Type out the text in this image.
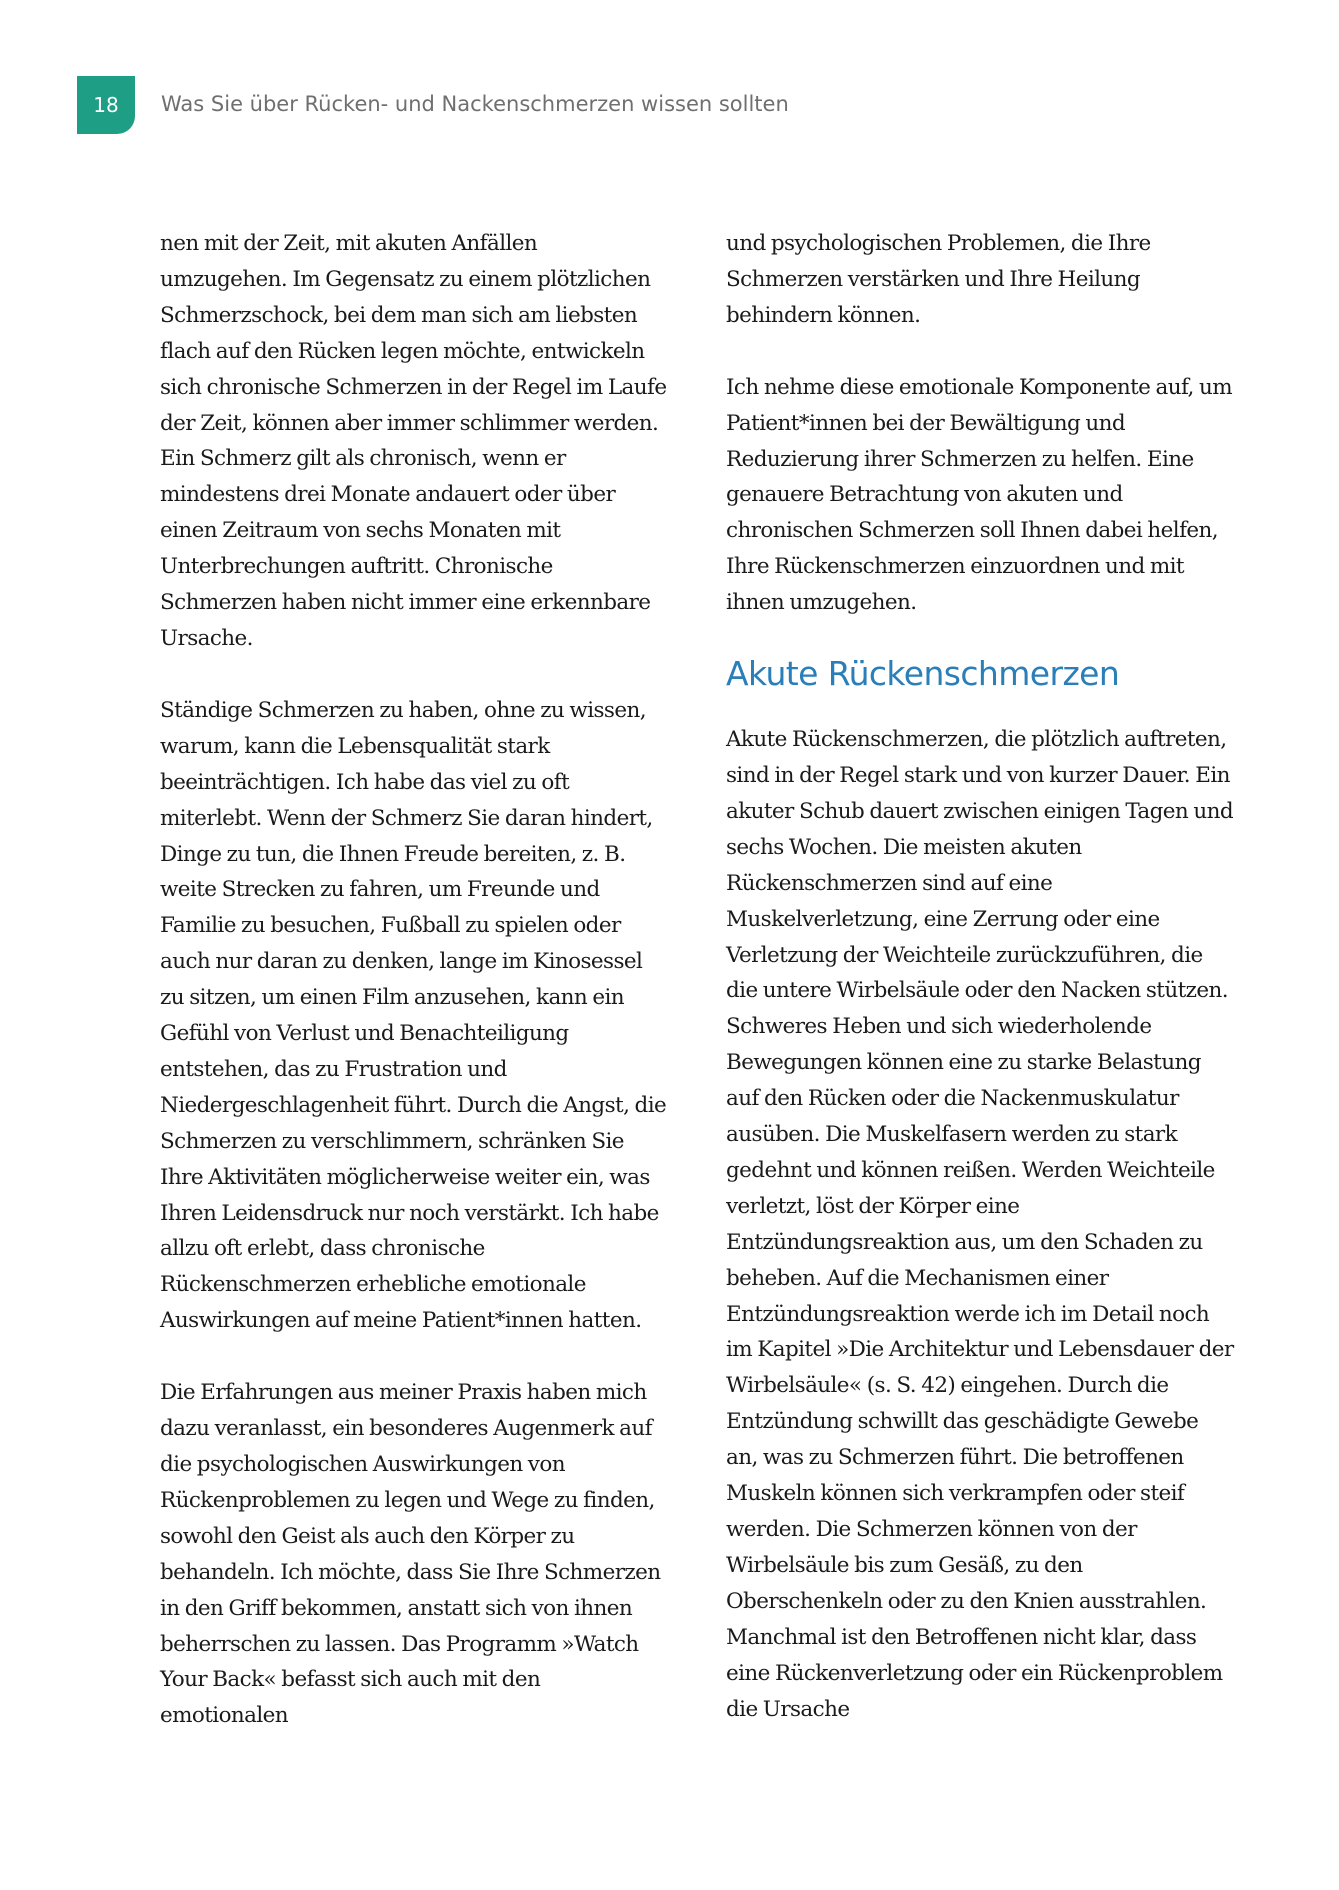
18	Was Sie über Rücken- und Nackenschmerzen wissen sollten

nen mit der Zeit, mit akuten Anfällen umzugehen. Im Gegensatz zu einem plötzlichen Schmerzschock, bei dem man sich am liebsten flach auf den Rücken legen möchte, entwickeln sich chronische Schmerzen in der Regel im Laufe der Zeit, können aber immer schlimmer werden. Ein Schmerz gilt als chronisch, wenn er mindestens drei Monate andauert oder über einen Zeitraum von sechs Monaten mit Unterbrechungen auftritt. Chronische Schmerzen haben nicht immer eine erkennbare Ursache.

Ständige Schmerzen zu haben, ohne zu wissen, warum, kann die Lebensqualität stark beeinträchtigen. Ich habe das viel zu oft miterlebt. Wenn der Schmerz Sie daran hindert, Dinge zu tun, die Ihnen Freude bereiten, z. B. weite Strecken zu fahren, um Freunde und Familie zu besuchen, Fußball zu spielen oder auch nur daran zu denken, lange im Kinosessel zu sitzen, um einen Film anzusehen, kann ein Gefühl von Verlust und Benachteiligung entstehen, das zu Frustration und Niedergeschlagenheit führt. Durch die Angst, die Schmerzen zu verschlimmern, schränken Sie Ihre Aktivitäten möglicherweise weiter ein, was Ihren Leidensdruck nur noch verstärkt. Ich habe allzu oft erlebt, dass chronische Rückenschmerzen erhebliche emotionale Auswirkungen auf meine Patient*innen hatten.

Die Erfahrungen aus meiner Praxis haben mich dazu veranlasst, ein besonderes Augenmerk auf die psychologischen Auswirkungen von Rückenproblemen zu legen und Wege zu finden, sowohl den Geist als auch den Körper zu behandeln. Ich möchte, dass Sie Ihre Schmerzen in den Griff bekommen, anstatt sich von ihnen beherrschen zu lassen. Das Programm »Watch Your Back« befasst sich auch mit den emotionalen

und psychologischen Problemen, die Ihre Schmerzen verstärken und Ihre Heilung behindern können.

Ich nehme diese emotionale Komponente auf, um Patient*innen bei der Bewältigung und Reduzierung ihrer Schmerzen zu helfen. Eine genauere Betrachtung von akuten und chronischen Schmerzen soll Ihnen dabei helfen, Ihre Rückenschmerzen einzuordnen und mit ihnen umzugehen.

Akute Rückenschmerzen

Akute Rückenschmerzen, die plötzlich auftreten, sind in der Regel stark und von kurzer Dauer. Ein akuter Schub dauert zwischen einigen Tagen und sechs Wochen. Die meisten akuten Rückenschmerzen sind auf eine Muskelverletzung, eine Zerrung oder eine Verletzung der Weichteile zurückzuführen, die die untere Wirbelsäule oder den Nacken stützen. Schweres Heben und sich wiederholende Bewegungen können eine zu starke Belastung auf den Rücken oder die Nackenmuskulatur ausüben. Die Muskelfasern werden zu stark gedehnt und können reißen. Werden Weichteile verletzt, löst der Körper eine Entzündungsreaktion aus, um den Schaden zu beheben. Auf die Mechanismen einer Entzündungsreaktion werde ich im Detail noch im Kapitel »Die Architektur und Lebensdauer der Wirbelsäule« (s. S. 42) eingehen. Durch die Entzündung schwillt das geschädigte Gewebe an, was zu Schmerzen führt. Die betroffenen Muskeln können sich verkrampfen oder steif werden. Die Schmerzen können von der Wirbelsäule bis zum Gesäß, zu den Oberschenkeln oder zu den Knien ausstrahlen. Manchmal ist den Betroffenen nicht klar, dass eine Rückenverletzung oder ein Rückenproblem die Ursache
